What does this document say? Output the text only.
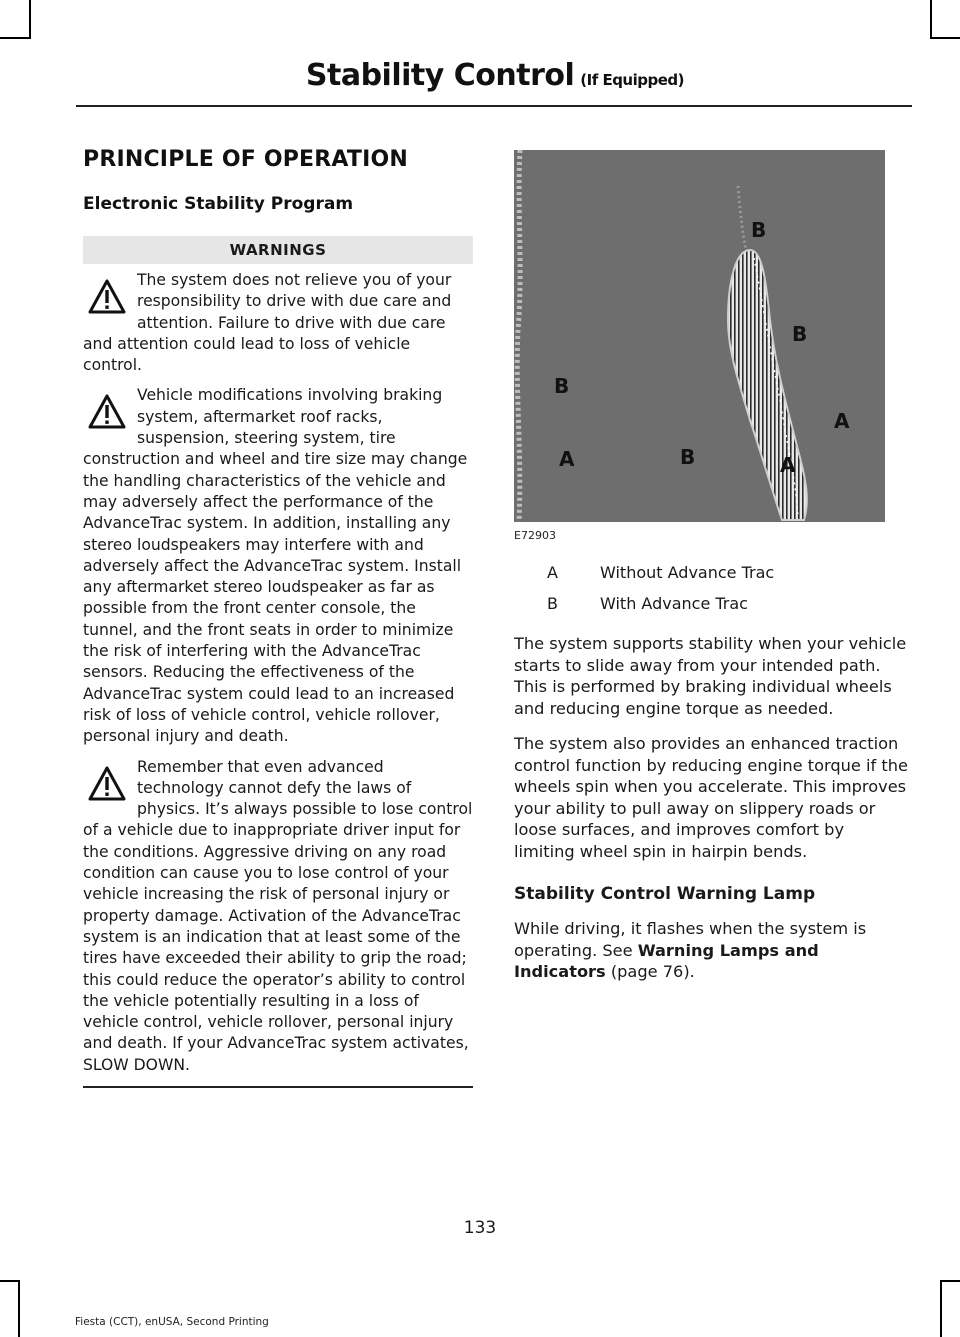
Stability Control (If Equipped)
PRINCIPLE OF OPERATION
Electronic Stability Program
WARNINGS
The system does not relieve you of your responsibility to drive with due care and attention. Failure to drive with due care and attention could lead to loss of vehicle control.
Vehicle modifications involving braking system, aftermarket roof racks, suspension, steering system, tire construction and wheel and tire size may change the handling characteristics of the vehicle and may adversely affect the performance of the AdvanceTrac system. In addition, installing any stereo loudspeakers may interfere with and adversely affect the AdvanceTrac system. Install any aftermarket stereo loudspeaker as far as possible from the front center console, the tunnel, and the front seats in order to minimize the risk of interfering with the AdvanceTrac sensors. Reducing the effectiveness of the AdvanceTrac system could lead to an increased risk of loss of vehicle control, vehicle rollover, personal injury and death.
Remember that even advanced technology cannot defy the laws of physics. It’s always possible to lose control of a vehicle due to inappropriate driver input for the conditions. Aggressive driving on any road condition can cause you to lose control of your vehicle increasing the risk of personal injury or property damage. Activation of the AdvanceTrac system is an indication that at least some of the tires have exceeded their ability to grip the road; this could reduce the operator’s ability to control the vehicle potentially resulting in a loss of vehicle control, vehicle rollover, personal injury and death. If your AdvanceTrac system activates, SLOW DOWN.
B
B
B
A
A	B	A
E72903
A	Without Advance Trac
B	With Advance Trac

The system supports stability when your vehicle starts to slide away from your intended path. This is performed by braking individual wheels and reducing engine torque as needed.

The system also provides an enhanced traction control function by reducing engine torque if the wheels spin when you accelerate. This improves your ability to pull away on slippery roads or loose surfaces, and improves comfort by limiting wheel spin in hairpin bends.

Stability Control Warning Lamp

While driving, it flashes when the system is operating. See Warning Lamps and Indicators (page 76).

133
Fiesta (CCT), enUSA, Second Printing
